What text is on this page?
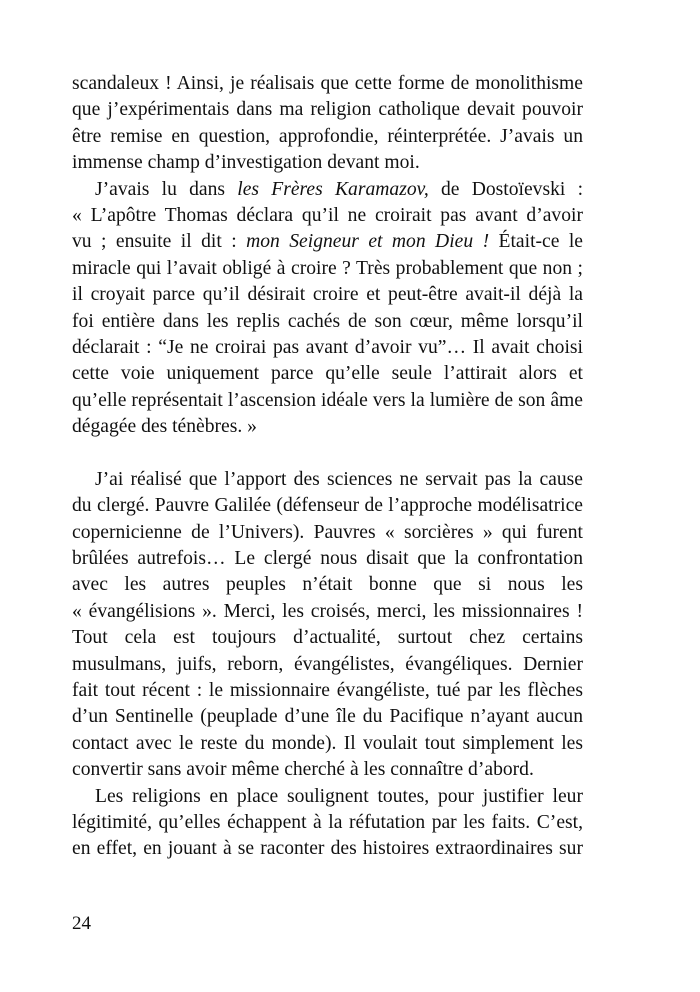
scandaleux ! Ainsi, je réalisais que cette forme de monolithisme
que j’expérimentais dans ma religion catholique devait pouvoir
être remise en question, approfondie, réinterprétée. J’avais un
immense champ d’investigation devant moi.
J’avais lu dans les Frères Karamazov, de Dostoïevski :
« L’apôtre Thomas déclara qu’il ne croirait pas avant d’avoir
vu ; ensuite il dit : mon Seigneur et mon Dieu ! Était-ce le
miracle qui l’avait obligé à croire ? Très probablement que non ;
il croyait parce qu’il désirait croire et peut-être avait-il déjà la
foi entière dans les replis cachés de son cœur, même lorsqu’il
déclarait : “Je ne croirai pas avant d’avoir vu”… Il avait choisi
cette voie uniquement parce qu’elle seule l’attirait alors et
qu’elle représentait l’ascension idéale vers la lumière de son âme
dégagée des ténèbres. »
J’ai réalisé que l’apport des sciences ne servait pas la cause
du clergé. Pauvre Galilée (défenseur de l’approche modélisatrice
copernicienne de l’Univers). Pauvres « sorcières » qui furent
brûlées autrefois… Le clergé nous disait que la confrontation
avec les autres peuples n’était bonne que si nous les
« évangélisions ». Merci, les croisés, merci, les missionnaires !
Tout cela est toujours d’actualité, surtout chez certains
musulmans, juifs, reborn, évangélistes, évangéliques. Dernier
fait tout récent : le missionnaire évangéliste, tué par les flèches
d’un Sentinelle (peuplade d’une île du Pacifique n’ayant aucun
contact avec le reste du monde). Il voulait tout simplement les
convertir sans avoir même cherché à les connaître d’abord.
Les religions en place soulignent toutes, pour justifier leur
légitimité, qu’elles échappent à la réfutation par les faits. C’est,
en effet, en jouant à se raconter des histoires extraordinaires sur
24
